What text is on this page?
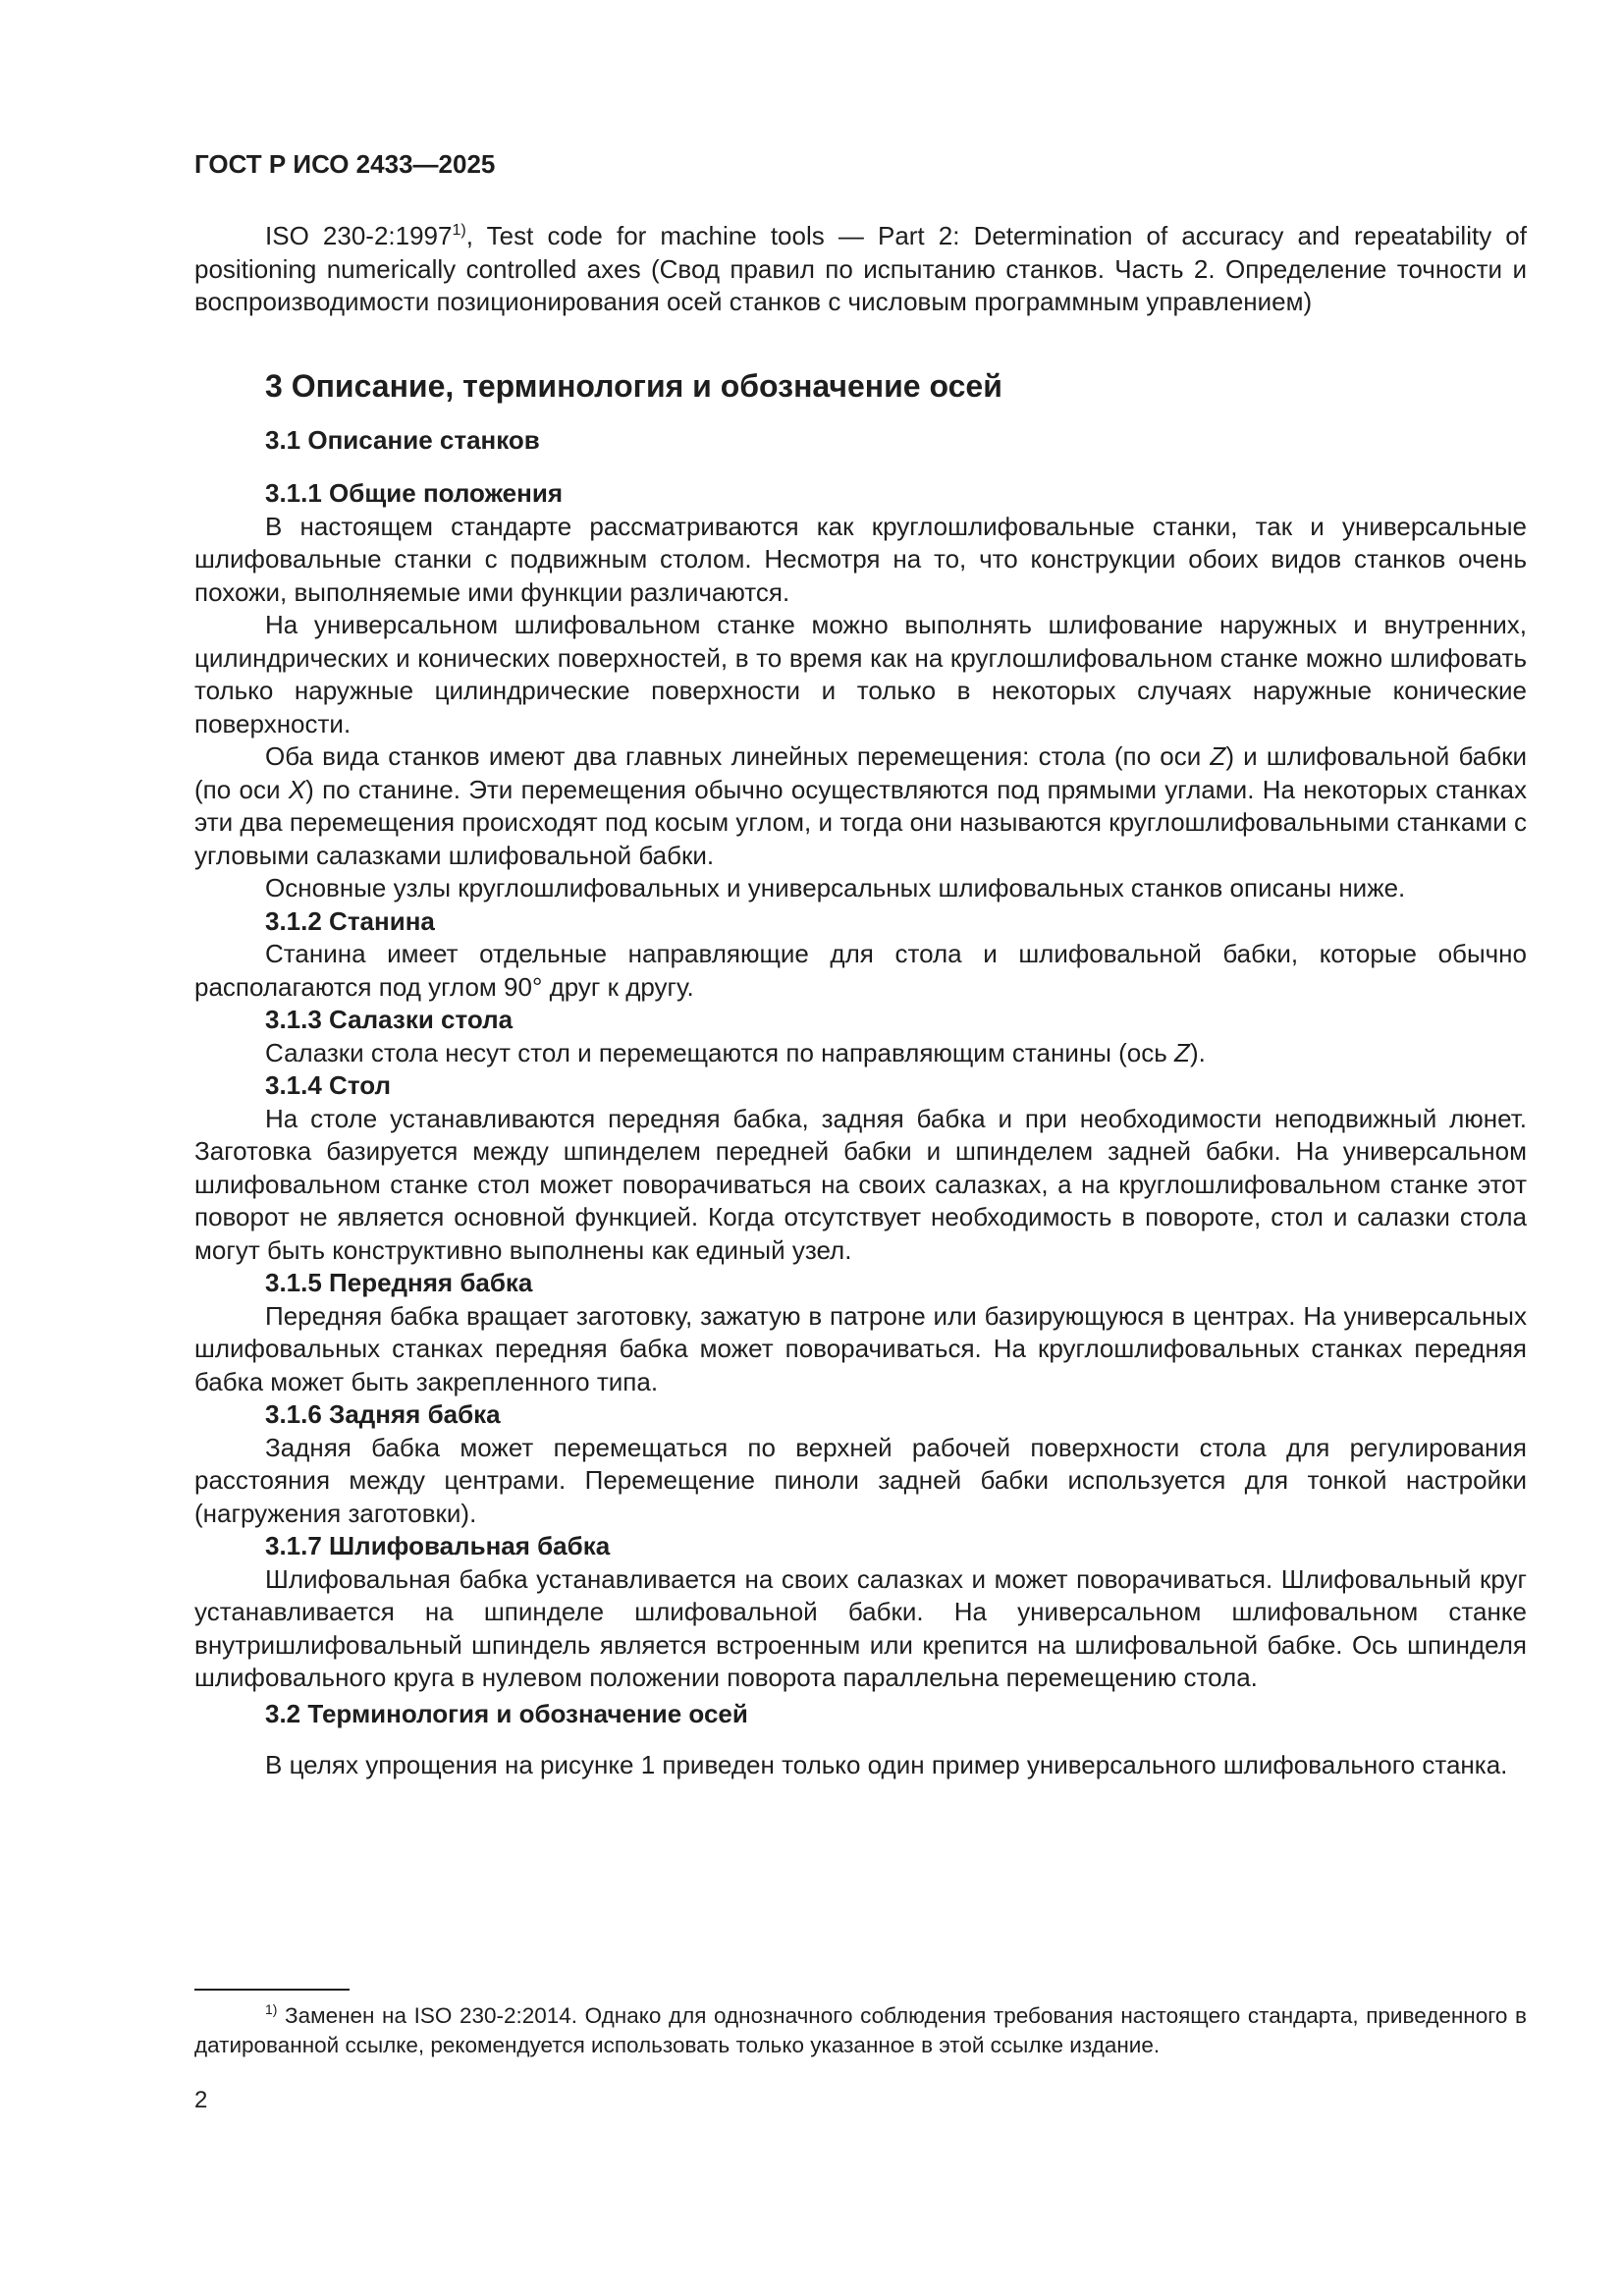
ГОСТ Р ИСО 2433—2025

ISO 230-2:1997$^{1)}$, Test code for machine tools — Part 2: Determination of accuracy and repeatability of positioning numerically controlled axes (Свод правил по испытанию станков. Часть 2. Определение точности и воспроизводимости позиционирования осей станков с числовым программным управлением)

3 Описание, терминология и обозначение осей
3.1 Описание станков

3.1.1 Общие положения

В настоящем стандарте рассматриваются как круглошлифовальные станки, так и универсальные шлифовальные станки с подвижным столом. Несмотря на то, что конструкции обоих видов станков очень похожи, выполняемые ими функции различаются.

На универсальном шлифовальном станке можно выполнять шлифование наружных и внутренних, цилиндрических и конических поверхностей, в то время как на круглошлифовальном станке можно шлифовать только наружные цилиндрические поверхности и только в некоторых случаях наружные конические поверхности.

Оба вида станков имеют два главных линейных перемещения: стола (по оси Z) и шлифовальной бабки (по оси X) по станине. Эти перемещения обычно осуществляются под прямыми углами. На некоторых станках эти два перемещения происходят под косым углом, и тогда они называются круглошлифовальными станками с угловыми салазками шлифовальной бабки.

Основные узлы круглошлифовальных и универсальных шлифовальных станков описаны ниже.

3.1.2 Станина

Станина имеет отдельные направляющие для стола и шлифовальной бабки, которые обычно располагаются под углом 90° друг к другу.

3.1.3 Салазки стола

Салазки стола несут стол и перемещаются по направляющим станины (ось Z).

3.1.4 Стол

На столе устанавливаются передняя бабка, задняя бабка и при необходимости неподвижный люнет. Заготовка базируется между шпинделем передней бабки и шпинделем задней бабки. На универсальном шлифовальном станке стол может поворачиваться на своих салазках, а на круглошлифовальном станке этот поворот не является основной функцией. Когда отсутствует необходимость в повороте, стол и салазки стола могут быть конструктивно выполнены как единый узел.

3.1.5 Передняя бабка

Передняя бабка вращает заготовку, зажатую в патроне или базирующуюся в центрах. На универсальных шлифовальных станках передняя бабка может поворачиваться. На круглошлифовальных станках передняя бабка может быть закрепленного типа.

3.1.6 Задняя бабка

Задняя бабка может перемещаться по верхней рабочей поверхности стола для регулирования расстояния между центрами. Перемещение пиноли задней бабки используется для тонкой настройки (нагружения заготовки).

3.1.7 Шлифовальная бабка

Шлифовальная бабка устанавливается на своих салазках и может поворачиваться. Шлифовальный круг устанавливается на шпинделе шлифовальной бабки. На универсальном шлифовальном станке внутришлифовальный шпиндель является встроенным или крепится на шлифовальной бабке. Ось шпинделя шлифовального круга в нулевом положении поворота параллельна перемещению стола.

3.2 Терминология и обозначение осей

В целях упрощения на рисунке 1 приведен только один пример универсального шлифовального станка.

$^{1)}$ Заменен на ISO 230-2:2014. Однако для однозначного соблюдения требования настоящего стандарта, приведенного в датированной ссылке, рекомендуется использовать только указанное в этой ссылке издание.

2
